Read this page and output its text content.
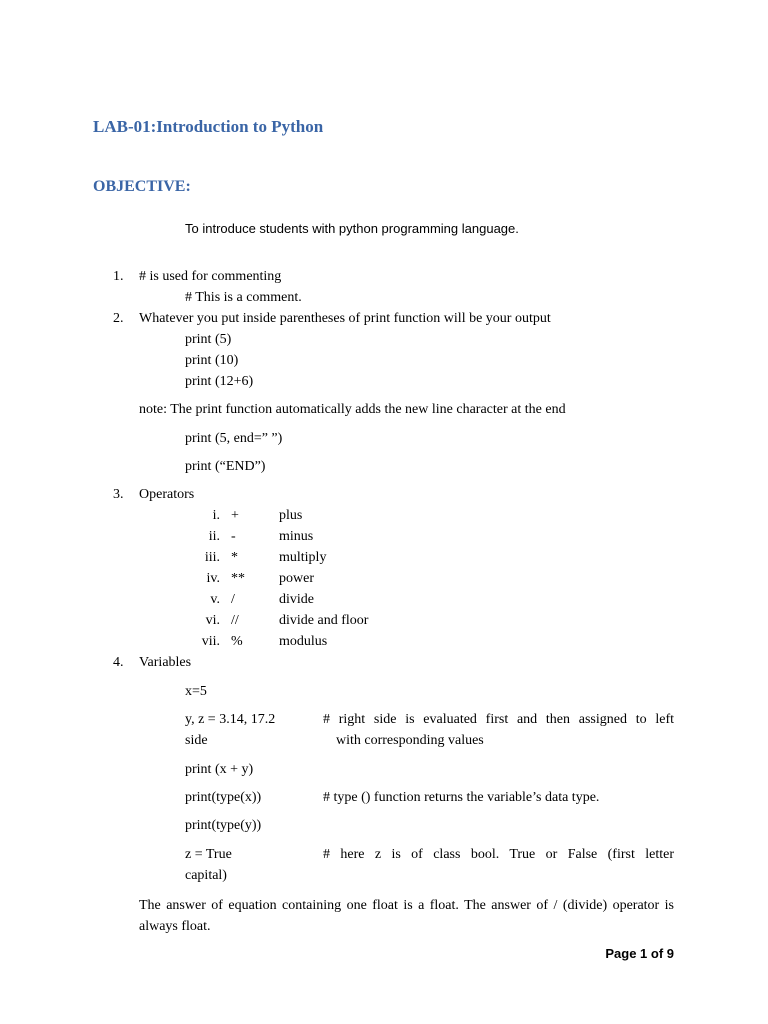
LAB-01:Introduction to Python
OBJECTIVE:
To introduce students with python programming language.
1. # is used for commenting
# This is a comment.
2. Whatever you put inside parentheses of print function will be your output
print (5)
print (10)
print (12+6)
note: The print function automatically adds the new line character at the end
print (5, end=” ”)
print (“END”)
3. Operators
i. +	plus
ii. -	minus
iii. *	multiply
iv. ** power
v. /	divide
vi. //	divide and floor
vii. %	modulus
4. Variables
x=5
y, z = 3.14, 17.2
side
# right side is evaluated first and then assigned to left
with corresponding values
print (x + y)
print(type(x))	# type () function returns the variable’s data type.
print(type(y))
z = True	# here z is of class bool. True or False (first letter
capital)
The answer of equation containing one float is a float. The answer of / (divide) operator is always float.
Page 1 of 9
